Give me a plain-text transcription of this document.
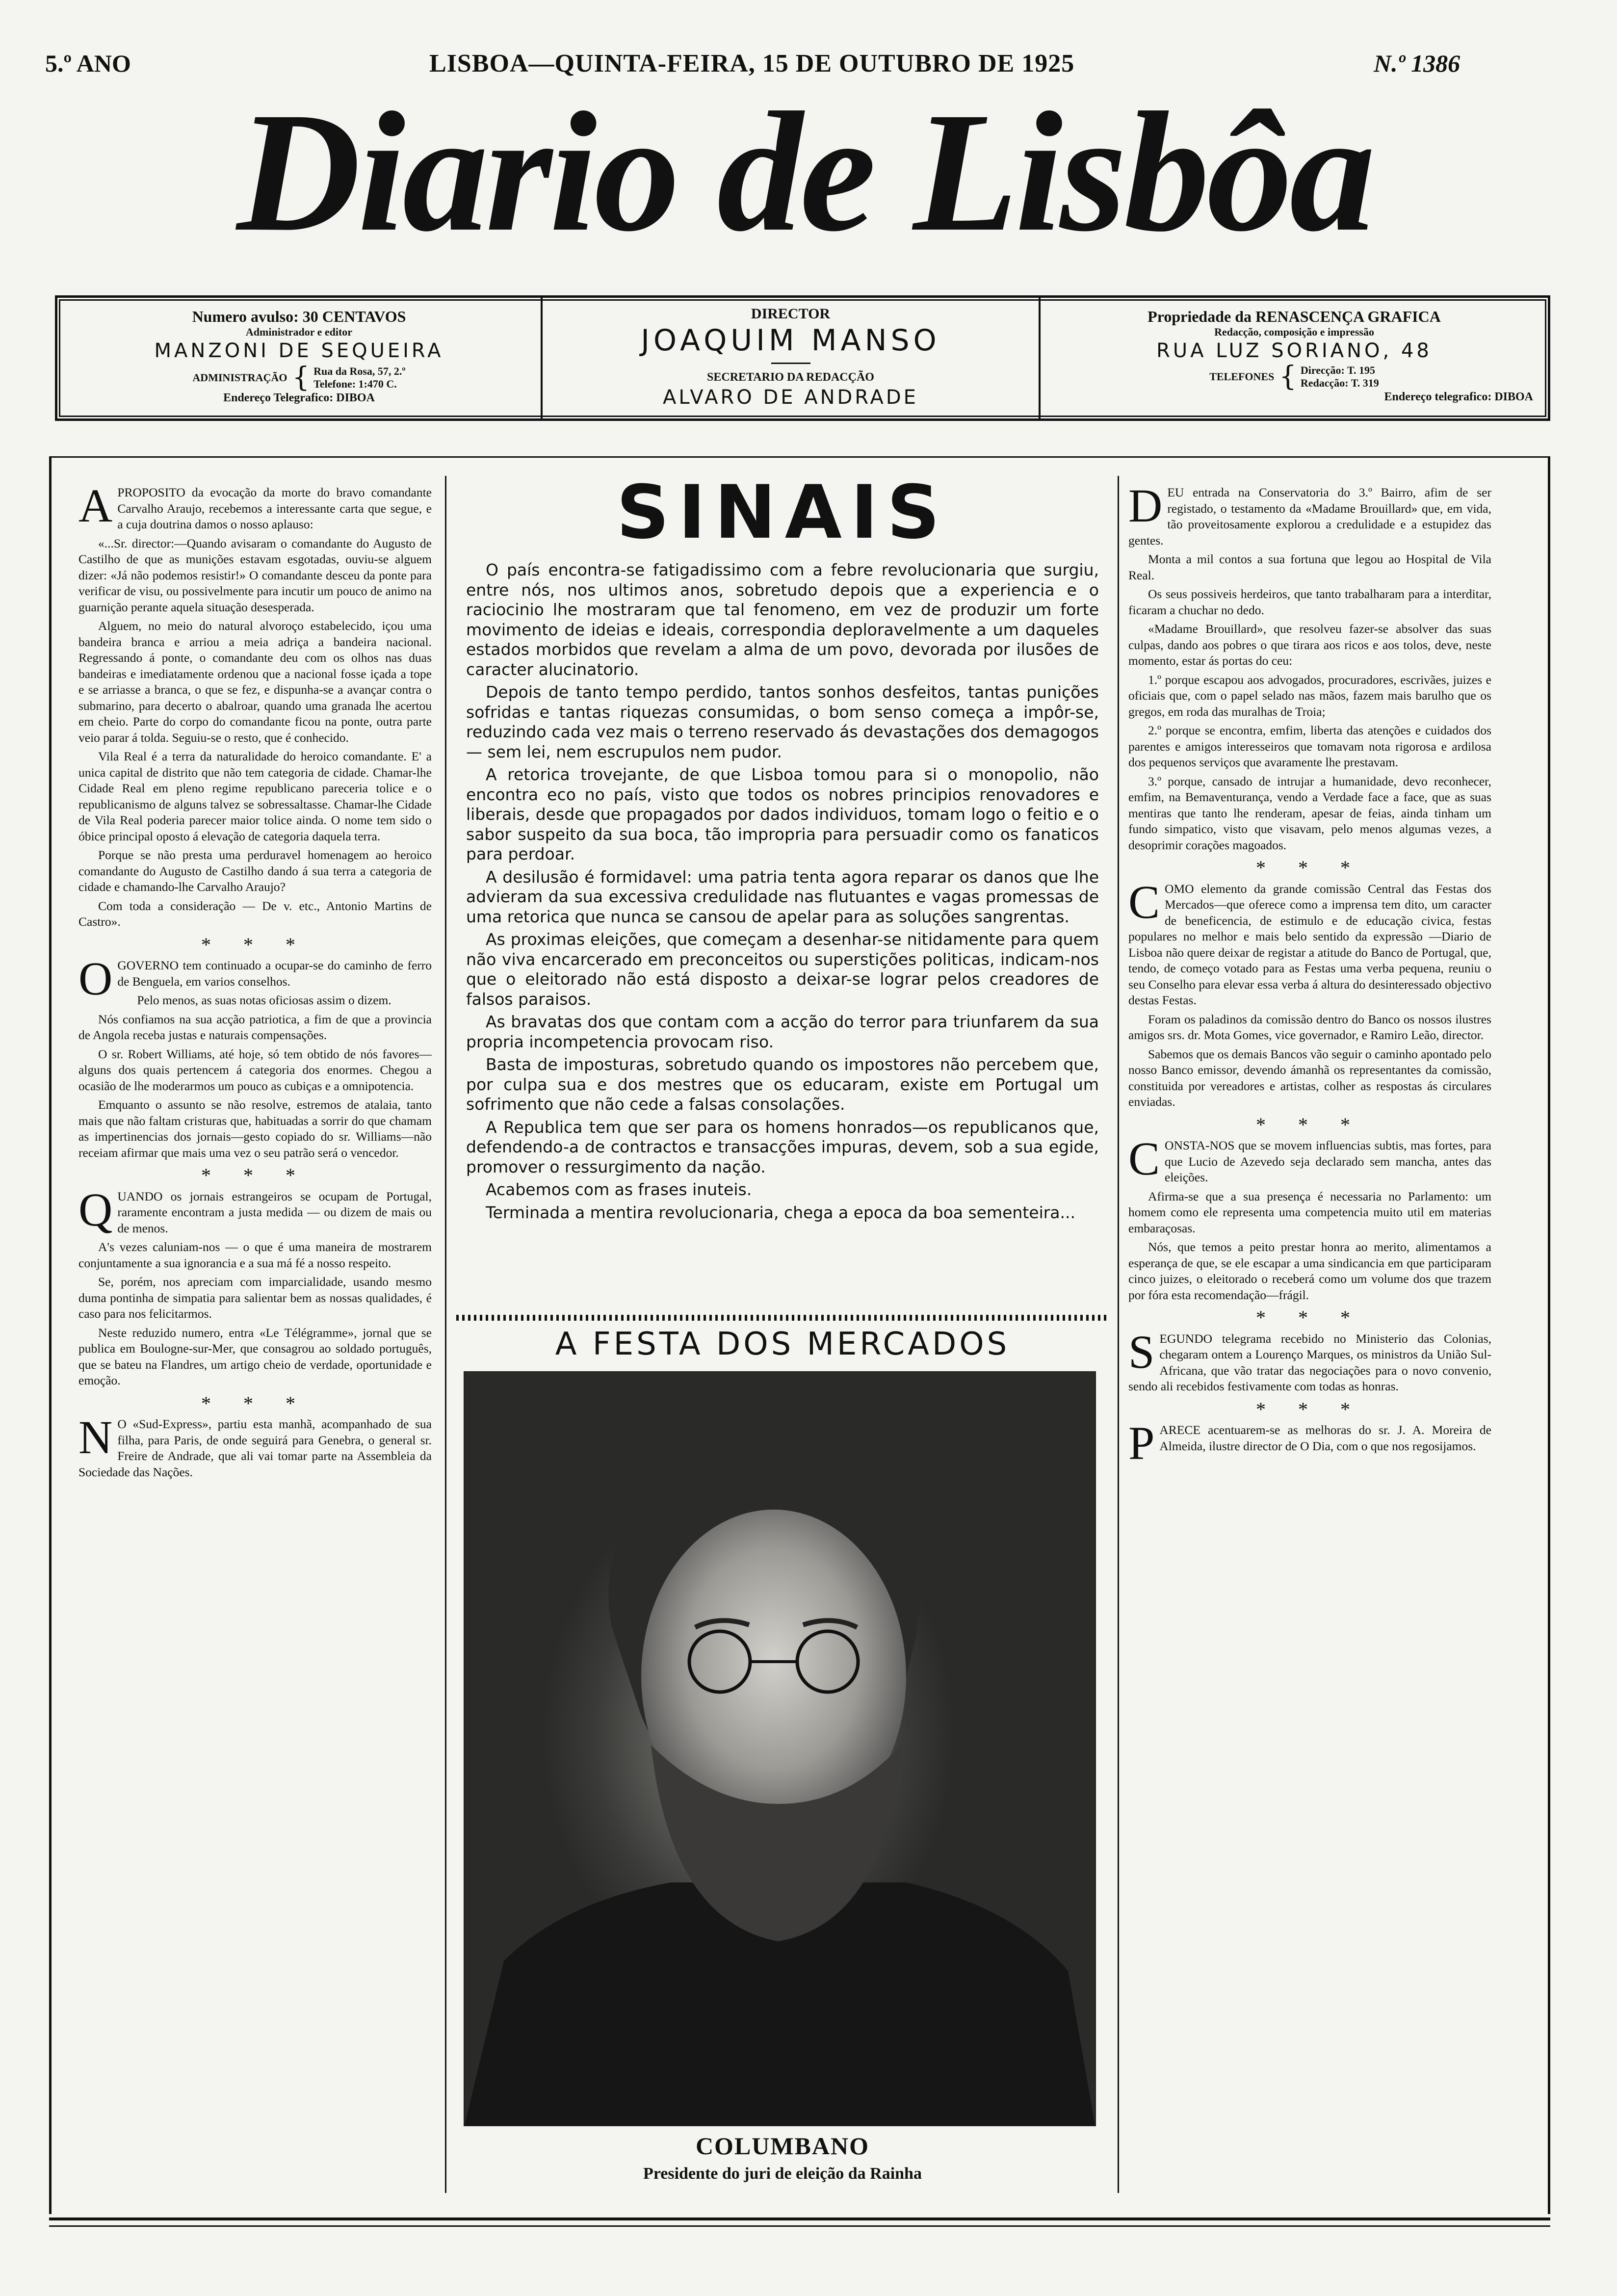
5.º ANO	LISBOA—QUINTA-FEIRA, 15 DE OUTUBRO DE 1925	N.º 1386
Diario de Lisbôa
Numero avulso: 30 CENTAVOS
Administrador e editor
MANZONI DE SEQUEIRA
ADMINISTRAÇÃO { Rua da Rosa, 57, 2.º
Telefone: 1:470 C.
Endereço Telegrafico: DIBOA
DIRECTOR
JOAQUIM MANSO
SECRETARIO DA REDACÇÃO
ALVARO DE ANDRADE
Propriedade da RENASCENÇA GRAFICA
Redacção, composição e impressão
RUA LUZ SORIANO, 48
TELEFONES { Direcção: T. 195
Redacção: T. 319
Endereço telegrafico: DIBOA
A PROPOSITO da evocação da morte do bravo comandante Carvalho Araujo, recebemos a interessante carta que segue, e a cuja doutrina damos o nosso aplauso:

«...Sr. director:—Quando avisaram o comandante do Augusto de Castilho de que as munições estavam esgotadas, ouviu-se alguem dizer: «Já não podemos resistir!» O comandante desceu da ponte para verificar de visu, ou possivelmente para incutir um pouco de animo na guarnição perante aquela situação desesperada.

Alguem, no meio do natural alvoroço estabelecido, içou uma bandeira branca e arriou a meia adriça a bandeira nacional. Regressando á ponte, o comandante deu com os olhos nas duas bandeiras e imediatamente ordenou que a nacional fosse içada a tope e se arriasse a branca, o que se fez, e dispunha-se a avançar contra o submarino, para decerto o abalroar, quando uma granada lhe acertou em cheio. Parte do corpo do comandante ficou na ponte, outra parte veio parar á tolda. Seguiu-se o resto, que é conhecido.

Vila Real é a terra da naturalidade do heroico comandante. E' a unica capital de distrito que não tem categoria de cidade. Chamar-lhe Cidade Real em pleno regime republicano pareceria tolice e o republicanismo de alguns talvez se sobressaltasse. Chamar-lhe Cidade de Vila Real poderia parecer maior tolice ainda. O nome tem sido o óbice principal oposto á elevação de categoria daquela terra.

Porque se não presta uma perduravel homenagem ao heroico comandante do Augusto de Castilho dando á sua terra a categoria de cidade e chamando-lhe Carvalho Araujo?

Com toda a consideração — De v. etc., Antonio Martins de Castro».

* * *
O GOVERNO tem continuado a ocupar-se do caminho de ferro de Benguela, em varios conselhos.

Pelo menos, as suas notas oficiosas assim o dizem.

Nós confiamos na sua acção patriotica, a fim de que a provincia de Angola receba justas e naturais compensações.

O sr. Robert Williams, até hoje, só tem obtido de nós favores—alguns dos quais pertencem á categoria dos enormes. Chegou a ocasião de lhe moderarmos um pouco as cubiças e a omnipotencia.

Emquanto o assunto se não resolve, estremos de atalaia, tanto mais que não faltam cristuras que, habituadas a sorrir do que chamam as impertinencias dos jornais—gesto copiado do sr. Williams—não receiam afirmar que mais uma vez o seu patrão será o vencedor.

* * *
Q UANDO os jornais estrangeiros se ocupam de Portugal, raramente encontram a justa medida — ou dizem de mais ou de menos.

A's vezes caluniam-nos — o que é uma maneira de mostrarem conjuntamente a sua ignorancia e a sua má fé a nosso respeito.

Se, porém, nos apreciam com imparcialidade, usando mesmo duma pontinha de simpatia para salientar bem as nossas qualidades, é caso para nos felicitarmos.

Neste reduzido numero, entra «Le Télégramme», jornal que se publica em Boulogne-sur-Mer, que consagrou ao soldado português, que se bateu na Flandres, um artigo cheio de verdade, oportunidade e emoção.

* * *
N O «Sud-Express», partiu esta manhã, acompanhado de sua filha, para Paris, de onde seguirá para Genebra, o general sr. Freire de Andrade, que ali vai tomar parte na Assembleia da Sociedade das Nações.

SINAIS

O país encontra-se fatigadissimo com a febre revolucionaria que surgiu, entre nós, nos ultimos anos, sobretudo depois que a experiencia e o raciocinio lhe mostraram que tal fenomeno, em vez de produzir um forte movimento de ideias e ideais, correspondia deploravelmente a um daqueles estados morbidos que revelam a alma de um povo, devorada por ilusões de caracter alucinatorio.

Depois de tanto tempo perdido, tantos sonhos desfeitos, tantas punições sofridas e tantas riquezas consumidas, o bom senso começa a impôr-se, reduzindo cada vez mais o terreno reservado ás devastações dos demagogos — sem lei, nem escrupulos nem pudor.

A retorica trovejante, de que Lisboa tomou para si o monopolio, não encontra eco no país, visto que todos os nobres principios renovadores e liberais, desde que propagados por dados individuos, tomam logo o feitio e o sabor suspeito da sua boca, tão impropria para persuadir como os fanaticos para perdoar.

A desilusão é formidavel: uma patria tenta agora reparar os danos que lhe advieram da sua excessiva credulidade nas flutuantes e vagas promessas de uma retorica que nunca se cansou de apelar para as soluções sangrentas.

As proximas eleições, que começam a desenhar-se nitidamente para quem não viva encarcerado em preconceitos ou superstições politicas, indicam-nos que o eleitorado não está disposto a deixar-se lograr pelos creadores de falsos paraisos.

As bravatas dos que contam com a acção do terror para triunfarem da sua propria incompetencia provocam riso.

Basta de imposturas, sobretudo quando os impostores não percebem que, por culpa sua e dos mestres que os educaram, existe em Portugal um sofrimento que não cede a falsas consolações.

A Republica tem que ser para os homens honrados—os republicanos que, defendendo-a de contractos e transacções impuras, devem, sob a sua egide, promover o ressurgimento da nação.

Acabemos com as frases inuteis.

Terminada a mentira revolucionaria, chega a epoca da boa sementeira...

A FESTA DOS MERCADOS
COLUMBANO
Presidente do juri de eleição da Rainha
D EU entrada na Conservatoria do 3.º Bairro, afim de ser registado, o testamento da «Madame Brouillard» que, em vida, tão proveitosamente explorou a credulidade e a estupidez das gentes.

Monta a mil contos a sua fortuna que legou ao Hospital de Vila Real.

Os seus possiveis herdeiros, que tanto trabalharam para a interditar, ficaram a chuchar no dedo.

«Madame Brouillard», que resolveu fazer-se absolver das suas culpas, dando aos pobres o que tirara aos ricos e aos tolos, deve, neste momento, estar ás portas do ceu:

1.º porque escapou aos advogados, procuradores, escrivães, juizes e oficiais que, com o papel selado nas mãos, fazem mais barulho que os gregos, em roda das muralhas de Troia;

2.º porque se encontra, emfim, liberta das atenções e cuidados dos parentes e amigos interesseiros que tomavam nota rigorosa e ardilosa dos pequenos serviços que avaramente lhe prestavam.

3.º porque, cansado de intrujar a humanidade, devo reconhecer, emfim, na Bemaventurança, vendo a Verdade face a face, que as suas mentiras que tanto lhe renderam, apesar de feias, ainda tinham um fundo simpatico, visto que visavam, pelo menos algumas vezes, a desoprimir corações magoados.

* * *
C OMO elemento da grande comissão Central das Festas dos Mercados—que oferece como a imprensa tem dito, um caracter de beneficencia, de estimulo e de educação civica, festas populares no melhor e mais belo sentido da expressão —Diario de Lisboa não quere deixar de registar a atitude do Banco de Portugal, que, tendo, de começo votado para as Festas uma verba pequena, reuniu o seu Conselho para elevar essa verba á altura do desinteressado objectivo destas Festas.

Foram os paladinos da comissão dentro do Banco os nossos ilustres amigos srs. dr. Mota Gomes, vice governador, e Ramiro Leão, director.

Sabemos que os demais Bancos vão seguir o caminho apontado pelo nosso Banco emissor, devendo ámanhã os representantes da comissão, constituida por vereadores e artistas, colher as respostas ás circulares enviadas.

* * *
C ONSTA-NOS que se movem influencias subtis, mas fortes, para que Lucio de Azevedo seja declarado sem mancha, antes das eleições.

Afirma-se que a sua presença é necessaria no Parlamento: um homem como ele representa uma competencia muito util em materias embaraçosas.

Nós, que temos a peito prestar honra ao merito, alimentamos a esperança de que, se ele escapar a uma sindicancia em que participaram cinco juizes, o eleitorado o receberá como um volume dos que trazem por fóra esta recomendação—frágil.

* * *
S EGUNDO telegrama recebido no Ministerio das Colonias, chegaram ontem a Lourenço Marques, os ministros da União Sul-Africana, que vão tratar das negociações para o novo convenio, sendo ali recebidos festivamente com todas as honras.

* * *
P ARECE acentuarem-se as melhoras do sr. J. A. Moreira de Almeida, ilustre director de O Dia, com o que nos regosijamos.
